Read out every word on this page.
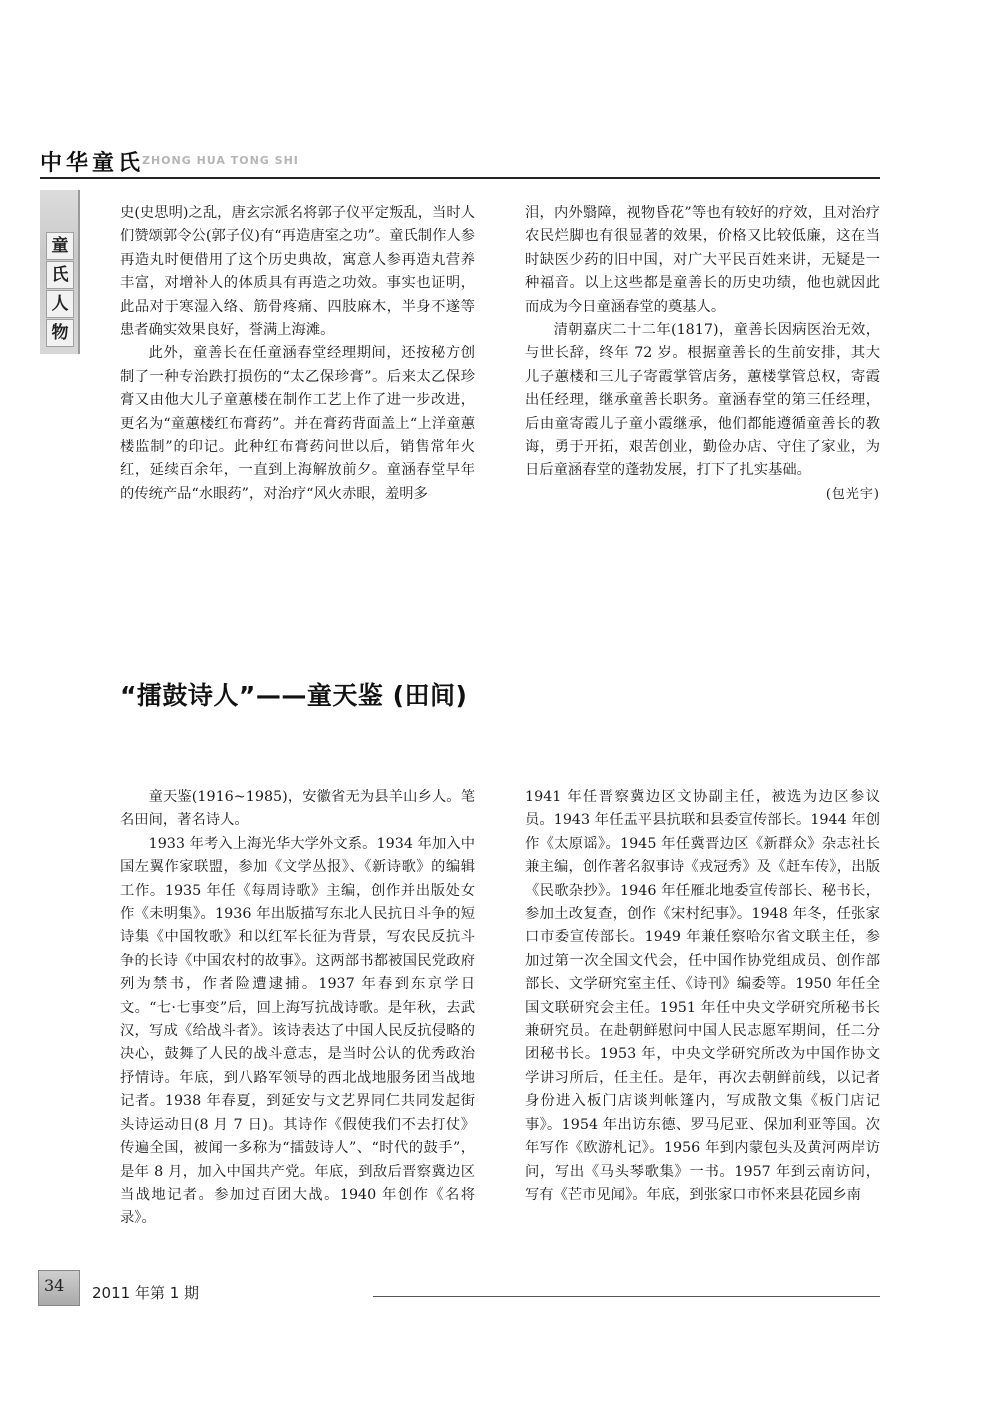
中华童氏
ZHONG HUA TONG SHI
童
氏
人
物

史(史思明)之乱，唐玄宗派名将郭子仪平定叛乱，当时人们赞颂郭令公(郭子仪)有“再造唐室之功”。童氏制作人参再造丸时便借用了这个历史典故，寓意人参再造丸营养丰富，对增补人的体质具有再造之功效。事实也证明，此品对于寒湿入络、筋骨疼痛、四肢麻木，半身不遂等患者确实效果良好，誉满上海滩。

此外，童善长在任童涵春堂经理期间，还按秘方创制了一种专治跌打损伤的“太乙保珍膏”。后来太乙保珍膏又由他大儿子童蕙楼在制作工艺上作了进一步改进，更名为“童蕙楼红布膏药”。并在膏药背面盖上“上洋童蕙楼监制”的印记。此种红布膏药问世以后，销售常年火红，延续百余年，一直到上海解放前夕。童涵春堂早年的传统产品“水眼药”，对治疗“风火赤眼，羞明多

泪，内外翳障，视物昏花”等也有较好的疗效，且对治疗农民烂脚也有很显著的效果，价格又比较低廉，这在当时缺医少药的旧中国，对广大平民百姓来讲，无疑是一种福音。以上这些都是童善长的历史功绩，他也就因此而成为今日童涵春堂的奠基人。

清朝嘉庆二十二年(1817)，童善长因病医治无效，与世长辞，终年 72 岁。根据童善长的生前安排，其大儿子蕙楼和三儿子寄霞掌管店务，蕙楼掌管总权，寄霞出任经理，继承童善长职务。童涵春堂的第三任经理，后由童寄霞儿子童小霞继承，他们都能遵循童善长的教诲，勇于开拓，艰苦创业，勤俭办店、守住了家业，为日后童涵春堂的蓬勃发展，打下了扎实基础。

(包光宇)

“擂鼓诗人”——童天鉴 (田间)

童天鉴(1916~1985)，安徽省无为县羊山乡人。笔名田间，著名诗人。

1933 年考入上海光华大学外文系。1934 年加入中国左翼作家联盟，参加《文学丛报》、《新诗歌》的编辑工作。1935 年任《每周诗歌》主编，创作并出版处女作《未明集》。1936 年出版描写东北人民抗日斗争的短诗集《中国牧歌》和以红军长征为背景，写农民反抗斗争的长诗《中国农村的故事》。这两部书都被国民党政府列为禁书，作者险遭逮捕。1937 年春到东京学日文。“七·七事变”后，回上海写抗战诗歌。是年秋，去武汉，写成《给战斗者》。该诗表达了中国人民反抗侵略的决心，鼓舞了人民的战斗意志，是当时公认的优秀政治抒情诗。年底，到八路军领导的西北战地服务团当战地记者。1938 年春夏，到延安与文艺界同仁共同发起街头诗运动日(8 月 7 日)。其诗作《假使我们不去打仗》传遍全国，被闻一多称为“擂鼓诗人”、“时代的鼓手”，是年 8 月，加入中国共产党。年底，到敌后晋察冀边区当战地记者。参加过百团大战。1940 年创作《名将录》。

1941 年任晋察冀边区文协副主任，被选为边区参议员。1943 年任盂平县抗联和县委宣传部长。1944 年创作《太原谣》。1945 年任冀晋边区《新群众》杂志社长兼主编，创作著名叙事诗《戎冠秀》及《赶车传》，出版《民歌杂抄》。1946 年任雁北地委宣传部长、秘书长，参加土改复查，创作《宋村纪事》。1948 年冬，任张家口市委宣传部长。1949 年兼任察哈尔省文联主任，参加过第一次全国文代会，任中国作协党组成员、创作部部长、文学研究室主任、《诗刊》编委等。1950 年任全国文联研究会主任。1951 年任中央文学研究所秘书长兼研究员。在赴朝鲜慰问中国人民志愿军期间，任二分团秘书长。1953 年，中央文学研究所改为中国作协文学讲习所后，任主任。是年，再次去朝鲜前线，以记者身份进入板门店谈判帐篷内，写成散文集《板门店记事》。1954 年出访东德、罗马尼亚、保加利亚等国。次年写作《欧游札记》。1956 年到内蒙包头及黄河两岸访问，写出《马头琴歌集》一书。1957 年到云南访问，写有《芒市见闻》。年底，到张家口市怀来县花园乡南

34 2011 年第 1 期
